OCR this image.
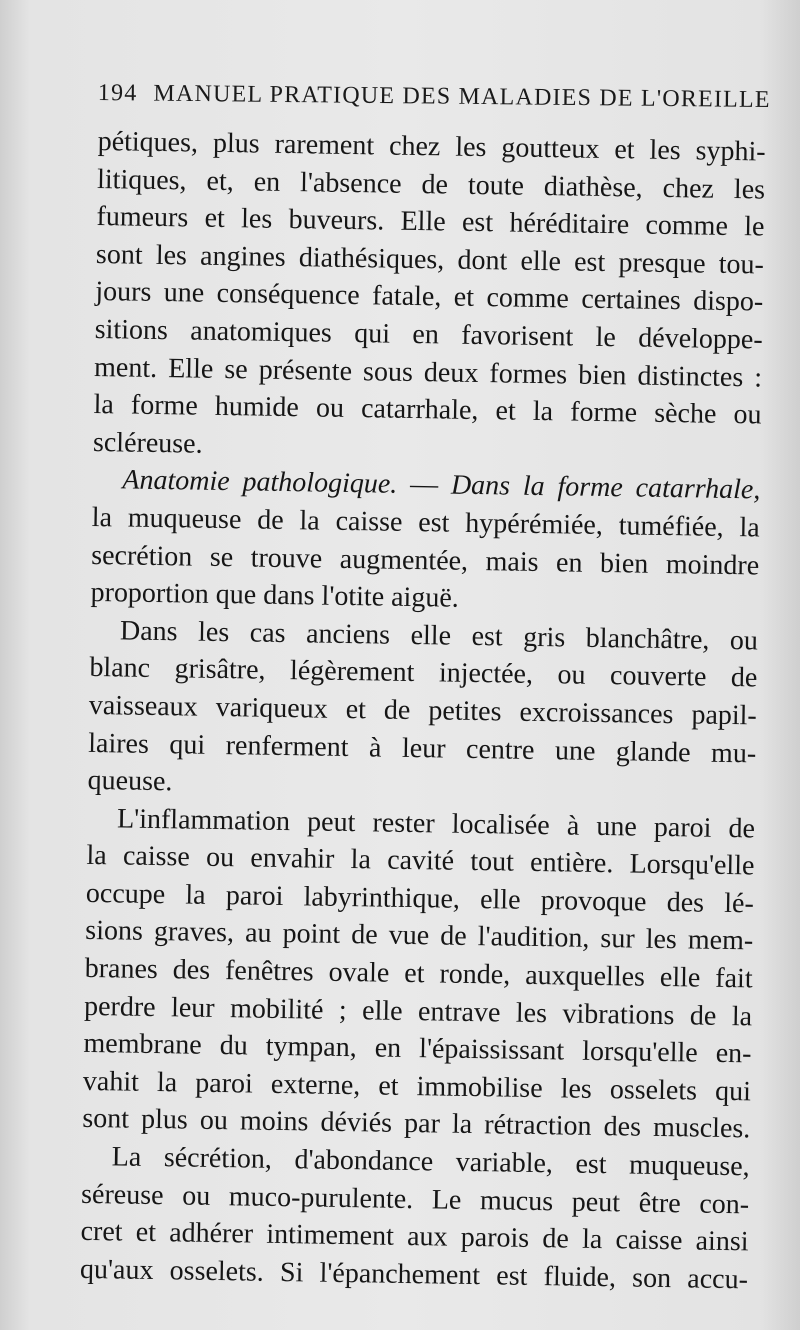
194 MANUEL PRATIQUE DES MALADIES DE L'OREILLE
pétiques, plus rarement chez les goutteux et les syphi-
litiques, et, en l'absence de toute diathèse, chez les
fumeurs et les buveurs. Elle est héréditaire comme le
sont les angines diathésiques, dont elle est presque tou-
jours une conséquence fatale, et comme certaines dispo-
sitions anatomiques qui en favorisent le développe-
ment. Elle se présente sous deux formes bien distinctes :
la forme humide ou catarrhale, et la forme sèche ou
scléreuse.
Anatomie pathologique. — Dans la forme catarrhale,
la muqueuse de la caisse est hypérémiée, tuméfiée, la
secrétion se trouve augmentée, mais en bien moindre
proportion que dans l'otite aiguë.
Dans les cas anciens elle est gris blanchâtre, ou
blanc grisâtre, légèrement injectée, ou couverte de
vaisseaux variqueux et de petites excroissances papil-
laires qui renferment à leur centre une glande mu-
queuse.
L'inflammation peut rester localisée à une paroi de
la caisse ou envahir la cavité tout entière. Lorsqu'elle
occupe la paroi labyrinthique, elle provoque des lé-
sions graves, au point de vue de l'audition, sur les mem-
branes des fenêtres ovale et ronde, auxquelles elle fait
perdre leur mobilité ; elle entrave les vibrations de la
membrane du tympan, en l'épaississant lorsqu'elle en-
vahit la paroi externe, et immobilise les osselets qui
sont plus ou moins déviés par la rétraction des muscles.
La sécrétion, d'abondance variable, est muqueuse,
séreuse ou muco-purulente. Le mucus peut être con-
cret et adhérer intimement aux parois de la caisse ainsi
qu'aux osselets. Si l'épanchement est fluide, son accu-
